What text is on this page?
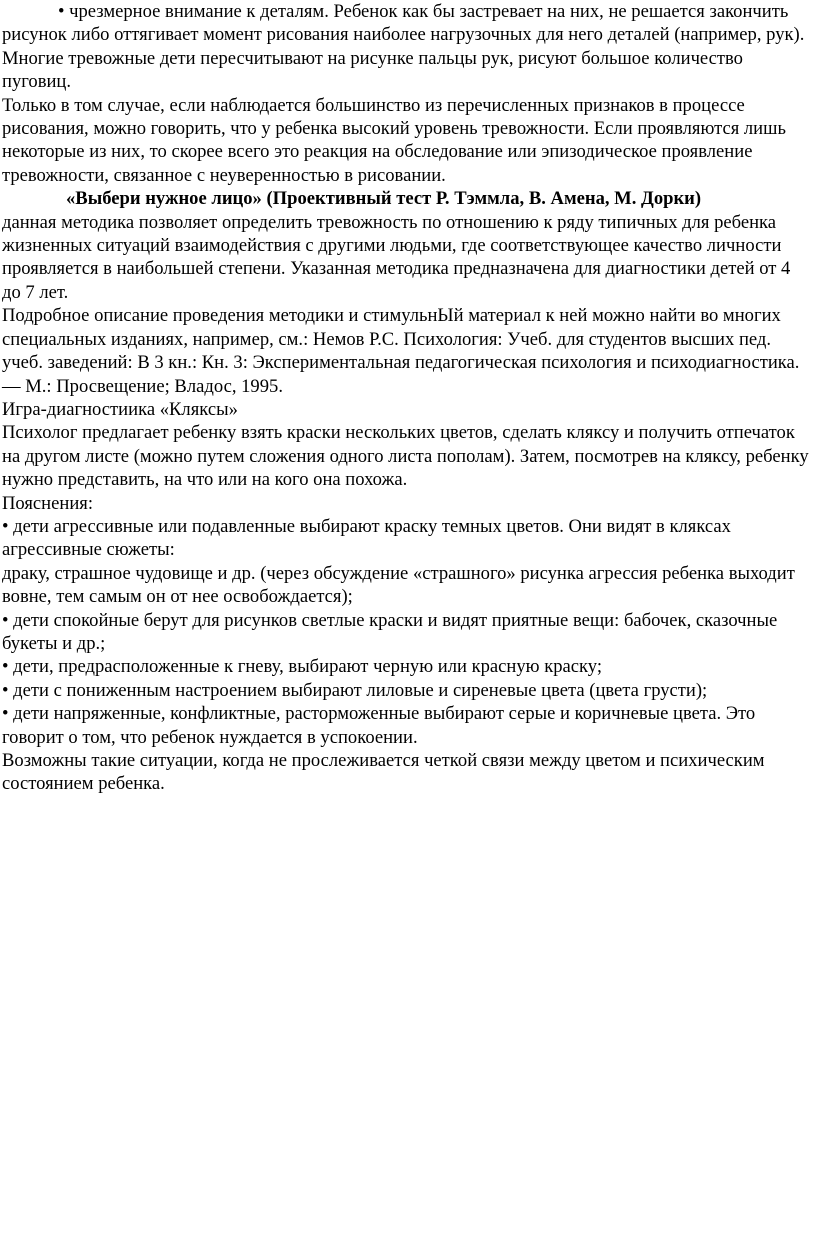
• чрезмерное внимание к деталям. Ребенок как бы застревает на них, не решается закончить рисунок либо оттягивает момент рисования наиболее нагрузочных для него деталей (например, рук). Многие тревожные дети пересчитывают на рисунке пальцы рук, рисуют большое количество пуговиц.

Только в том случае, если наблюдается большинство из перечисленных признаков в процессе рисования, можно говорить, что у ребенка высокий уровень тревожности. Если проявляются лишь некоторые из них, то скорее всего это реакция на обследование или эпизодическое проявление тревожности, связанное с неуверенностью в рисовании.

«Выбери нужное лицо» (Проективный тест Р. Тэммла, В. Амена, М. Дорки)

данная методика позволяет определить тревожность по отношению к ряду типичных для ребенка жизненных ситуаций взаимодействия с другими людьми, где соответствующее качество личности проявляется в наибольшей степени. Указанная методика предназначена для диагностики детей от 4 до 7 лет.

Подробное описание проведения методики и стимульнЫй материал к ней можно найти во многих специальных изданиях, например, см.: Немов Р.С. Психология: Учеб. для студентов высших пед. учеб. заведений: В 3 кн.: Кн. 3: Экспериментальная педагогическая психология и психодиагностика. — М.: Просвещение; Владос, 1995.

Игра-диагностиика «Кляксы»

Психолог предлагает ребенку взять краски нескольких цветов, сделать кляксу и получить отпечаток на другом листе (можно путем сложения одного листа пополам). Затем, посмотрев на кляксу, ребенку нужно представить, на что или на кого она похожа.

Пояснения:

• дети агрессивные или подавленные выбирают краску темных цветов. Они видят в кляксах агрессивные сюжеты:

драку, страшное чудовище и др. (через обсуждение «страшного» рисунка агрессия ребенка выходит вовне, тем самым он от нее освобождается);

• дети спокойные берут для рисунков светлые краски и видят приятные вещи: бабочек, сказочные букеты и др.;

• дети, предрасположенные к гневу, выбирают черную или красную краску;

• дети с пониженным настроением выбирают лиловые и сиреневые цвета (цвета грусти);

• дети напряженные, конфликтные, расторможенные выбирают серые и коричневые цвета. Это говорит о том, что ребенок нуждается в успокоении.

Возможны такие ситуации, когда не прослеживается четкой связи между цветом и психическим состоянием ребенка.
